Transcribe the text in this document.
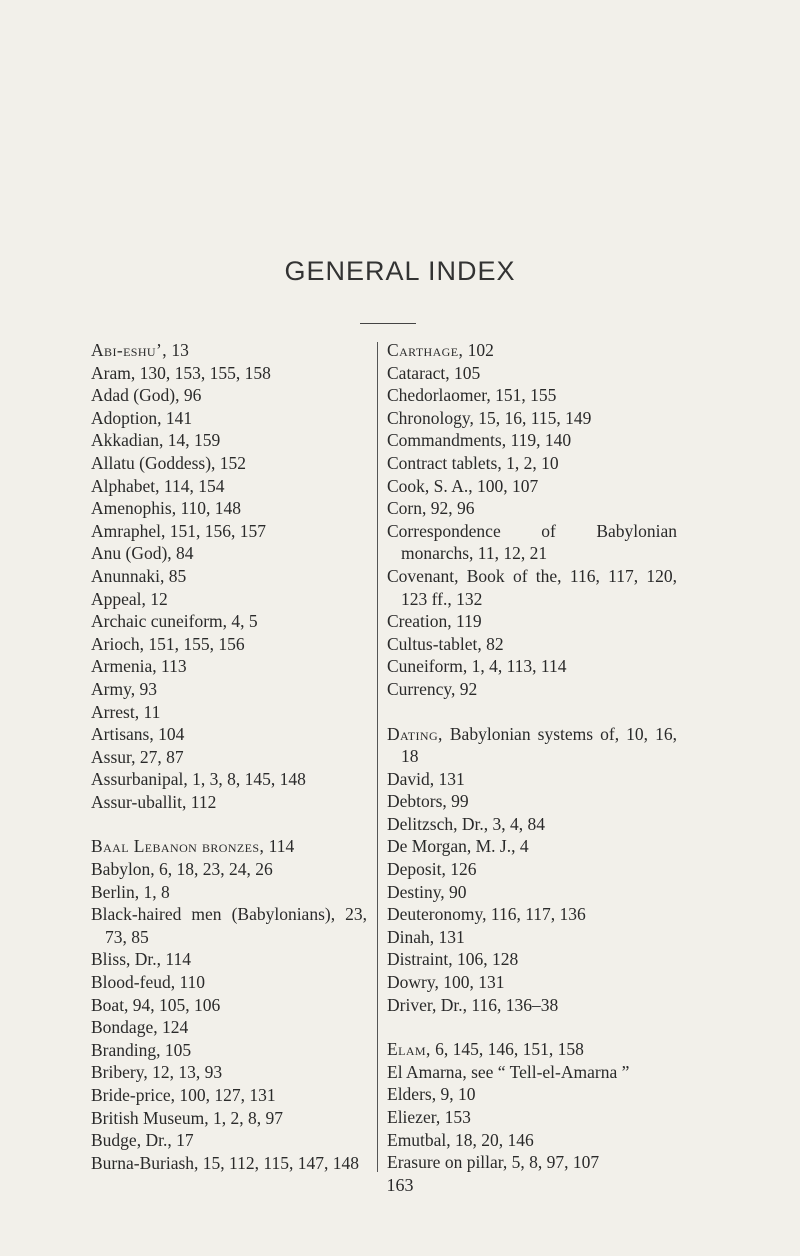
GENERAL INDEX
Abi-eshu’, 13
Aram, 130, 153, 155, 158
Adad (God), 96
Adoption, 141
Akkadian, 14, 159
Allatu (Goddess), 152
Alphabet, 114, 154
Amenophis, 110, 148
Amraphel, 151, 156, 157
Anu (God), 84
Anunnaki, 85
Appeal, 12
Archaic cuneiform, 4, 5
Arioch, 151, 155, 156
Armenia, 113
Army, 93
Arrest, 11
Artisans, 104
Assur, 27, 87
Assurbanipal, 1, 3, 8, 145, 148
Assur-uballit, 112
Baal Lebanon bronzes, 114
Babylon, 6, 18, 23, 24, 26
Berlin, 1, 8
Black-haired men (Babylonians), 23, 73, 85
Bliss, Dr., 114
Blood-feud, 110
Boat, 94, 105, 106
Bondage, 124
Branding, 105
Bribery, 12, 13, 93
Bride-price, 100, 127, 131
British Museum, 1, 2, 8, 97
Budge, Dr., 17
Burna-Buriash, 15, 112, 115, 147, 148
Carthage, 102
Cataract, 105
Chedorlaomer, 151, 155
Chronology, 15, 16, 115, 149
Commandments, 119, 140
Contract tablets, 1, 2, 10
Cook, S. A., 100, 107
Corn, 92, 96
Correspondence of Babylonian monarchs, 11, 12, 21
Covenant, Book of the, 116, 117, 120, 123 ff., 132
Creation, 119
Cultus-tablet, 82
Cuneiform, 1, 4, 113, 114
Currency, 92
Dating, Babylonian systems of, 10, 16, 18
David, 131
Debtors, 99
Delitzsch, Dr., 3, 4, 84
De Morgan, M. J., 4
Deposit, 126
Destiny, 90
Deuteronomy, 116, 117, 136
Dinah, 131
Distraint, 106, 128
Dowry, 100, 131
Driver, Dr., 116, 136–38
Elam, 6, 145, 146, 151, 158
El Amarna, see “ Tell-el-Amarna ”
Elders, 9, 10
Eliezer, 153
Emutbal, 18, 20, 146
Erasure on pillar, 5, 8, 97, 107
163
